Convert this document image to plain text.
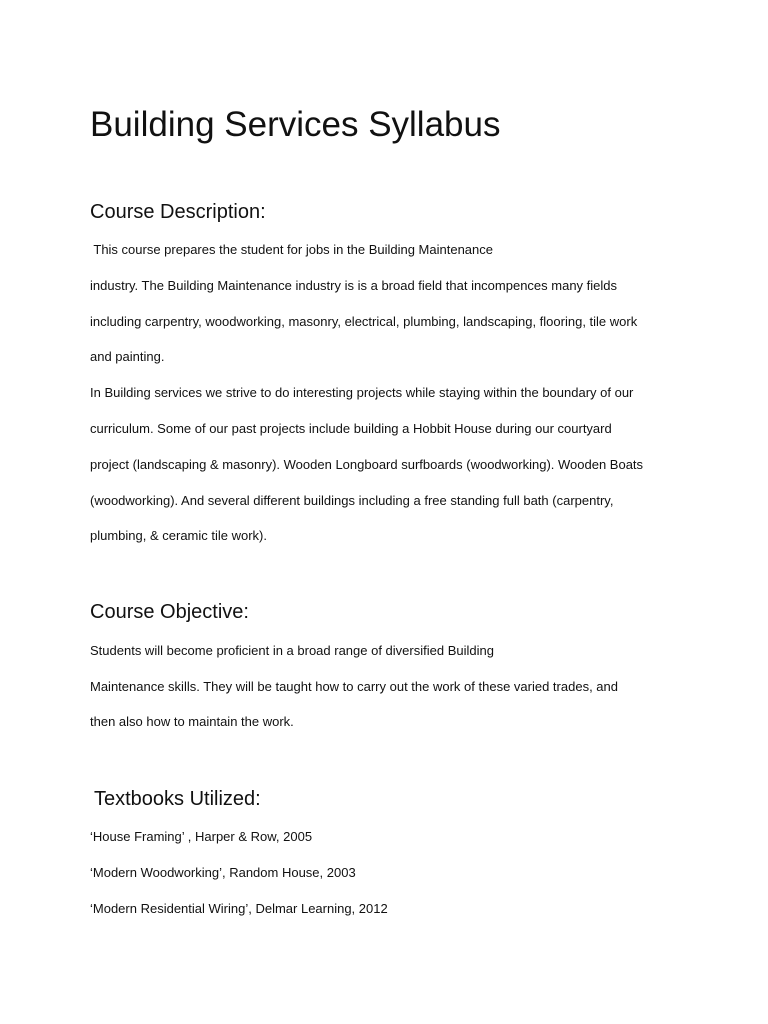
Building Services Syllabus
Course Description:

This course prepares the student for jobs in the Building Maintenance

industry. The Building Maintenance industry is is a broad field that incompences many fields

including carpentry, woodworking, masonry, electrical, plumbing, landscaping, flooring, tile work

and painting.

In Building services we strive to do interesting projects while staying within the boundary of our

curriculum. Some of our past projects include building a Hobbit House during our courtyard

project (landscaping & masonry). Wooden Longboard surfboards (woodworking). Wooden Boats

(woodworking). And several different buildings including a free standing full bath (carpentry,

plumbing, & ceramic tile work).

Course Objective:

Students will become proficient in a broad range of diversified Building

Maintenance skills. They will be taught how to carry out the work of these varied trades, and

then also how to maintain the work.

Textbooks Utilized:

‘House Framing’ , Harper & Row, 2005

‘Modern Woodworking’, Random House, 2003

‘Modern Residential Wiring’, Delmar Learning, 2012
